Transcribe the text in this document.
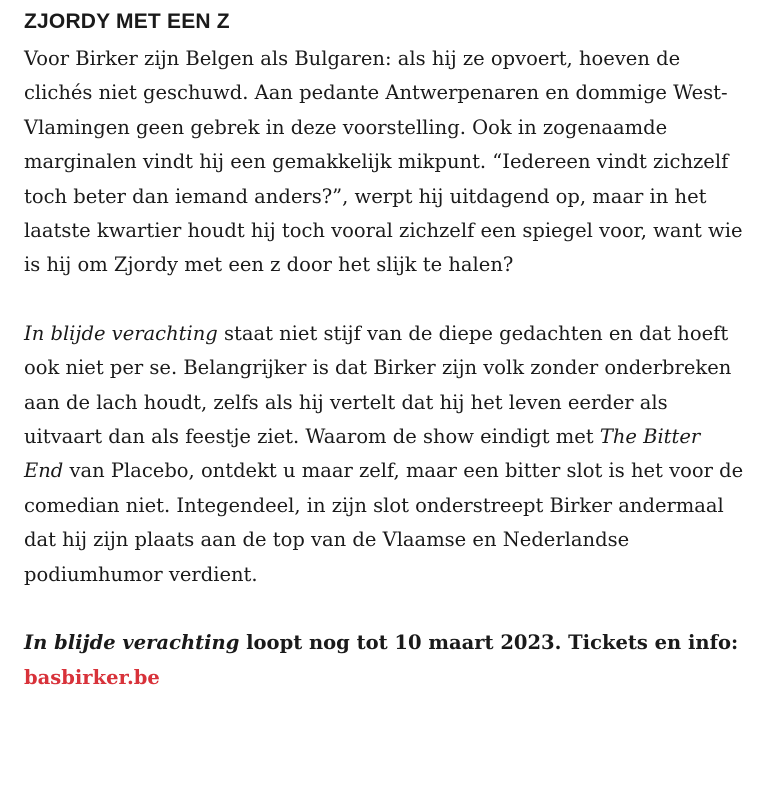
ZJORDY MET EEN Z

Voor Birker zijn Belgen als Bulgaren: als hij ze opvoert, hoeven de clichés niet geschuwd. Aan pedante Antwerpenaren en dommige West-Vlamingen geen gebrek in deze voorstelling. Ook in zogenaamde marginalen vindt hij een gemakkelijk mikpunt. “Iedereen vindt zichzelf toch beter dan iemand anders?”, werpt hij uitdagend op, maar in het laatste kwartier houdt hij toch vooral zichzelf een spiegel voor, want wie is hij om Zjordy met een z door het slijk te halen?

In blijde verachting staat niet stijf van de diepe gedachten en dat hoeft ook niet per se. Belangrijker is dat Birker zijn volk zonder onderbreken aan de lach houdt, zelfs als hij vertelt dat hij het leven eerder als uitvaart dan als feestje ziet. Waarom de show eindigt met The Bitter End van Placebo, ontdekt u maar zelf, maar een bitter slot is het voor de comedian niet. Integendeel, in zijn slot onderstreept Birker andermaal dat hij zijn plaats aan de top van de Vlaamse en Nederlandse podiumhumor verdient.

In blijde verachting loopt nog tot 10 maart 2023. Tickets en info: basbirker.be
